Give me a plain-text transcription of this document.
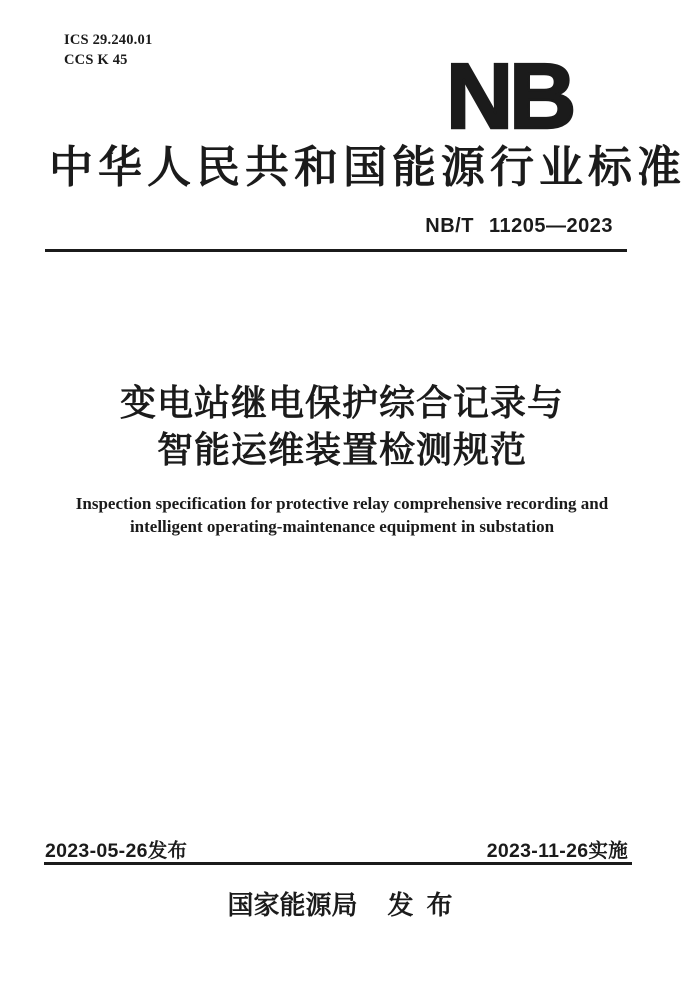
ICS 29.240.01
CCS K 45	NB
中华人民共和国能源行业标准
NB/T 11205—2023
变电站继电保护综合记录与
智能运维装置检测规范
Inspection specification for protective relay comprehensive recording and
intelligent operating-maintenance equipment in substation
2023-05-26发布	2023-11-26实施
国家能源局 发布
